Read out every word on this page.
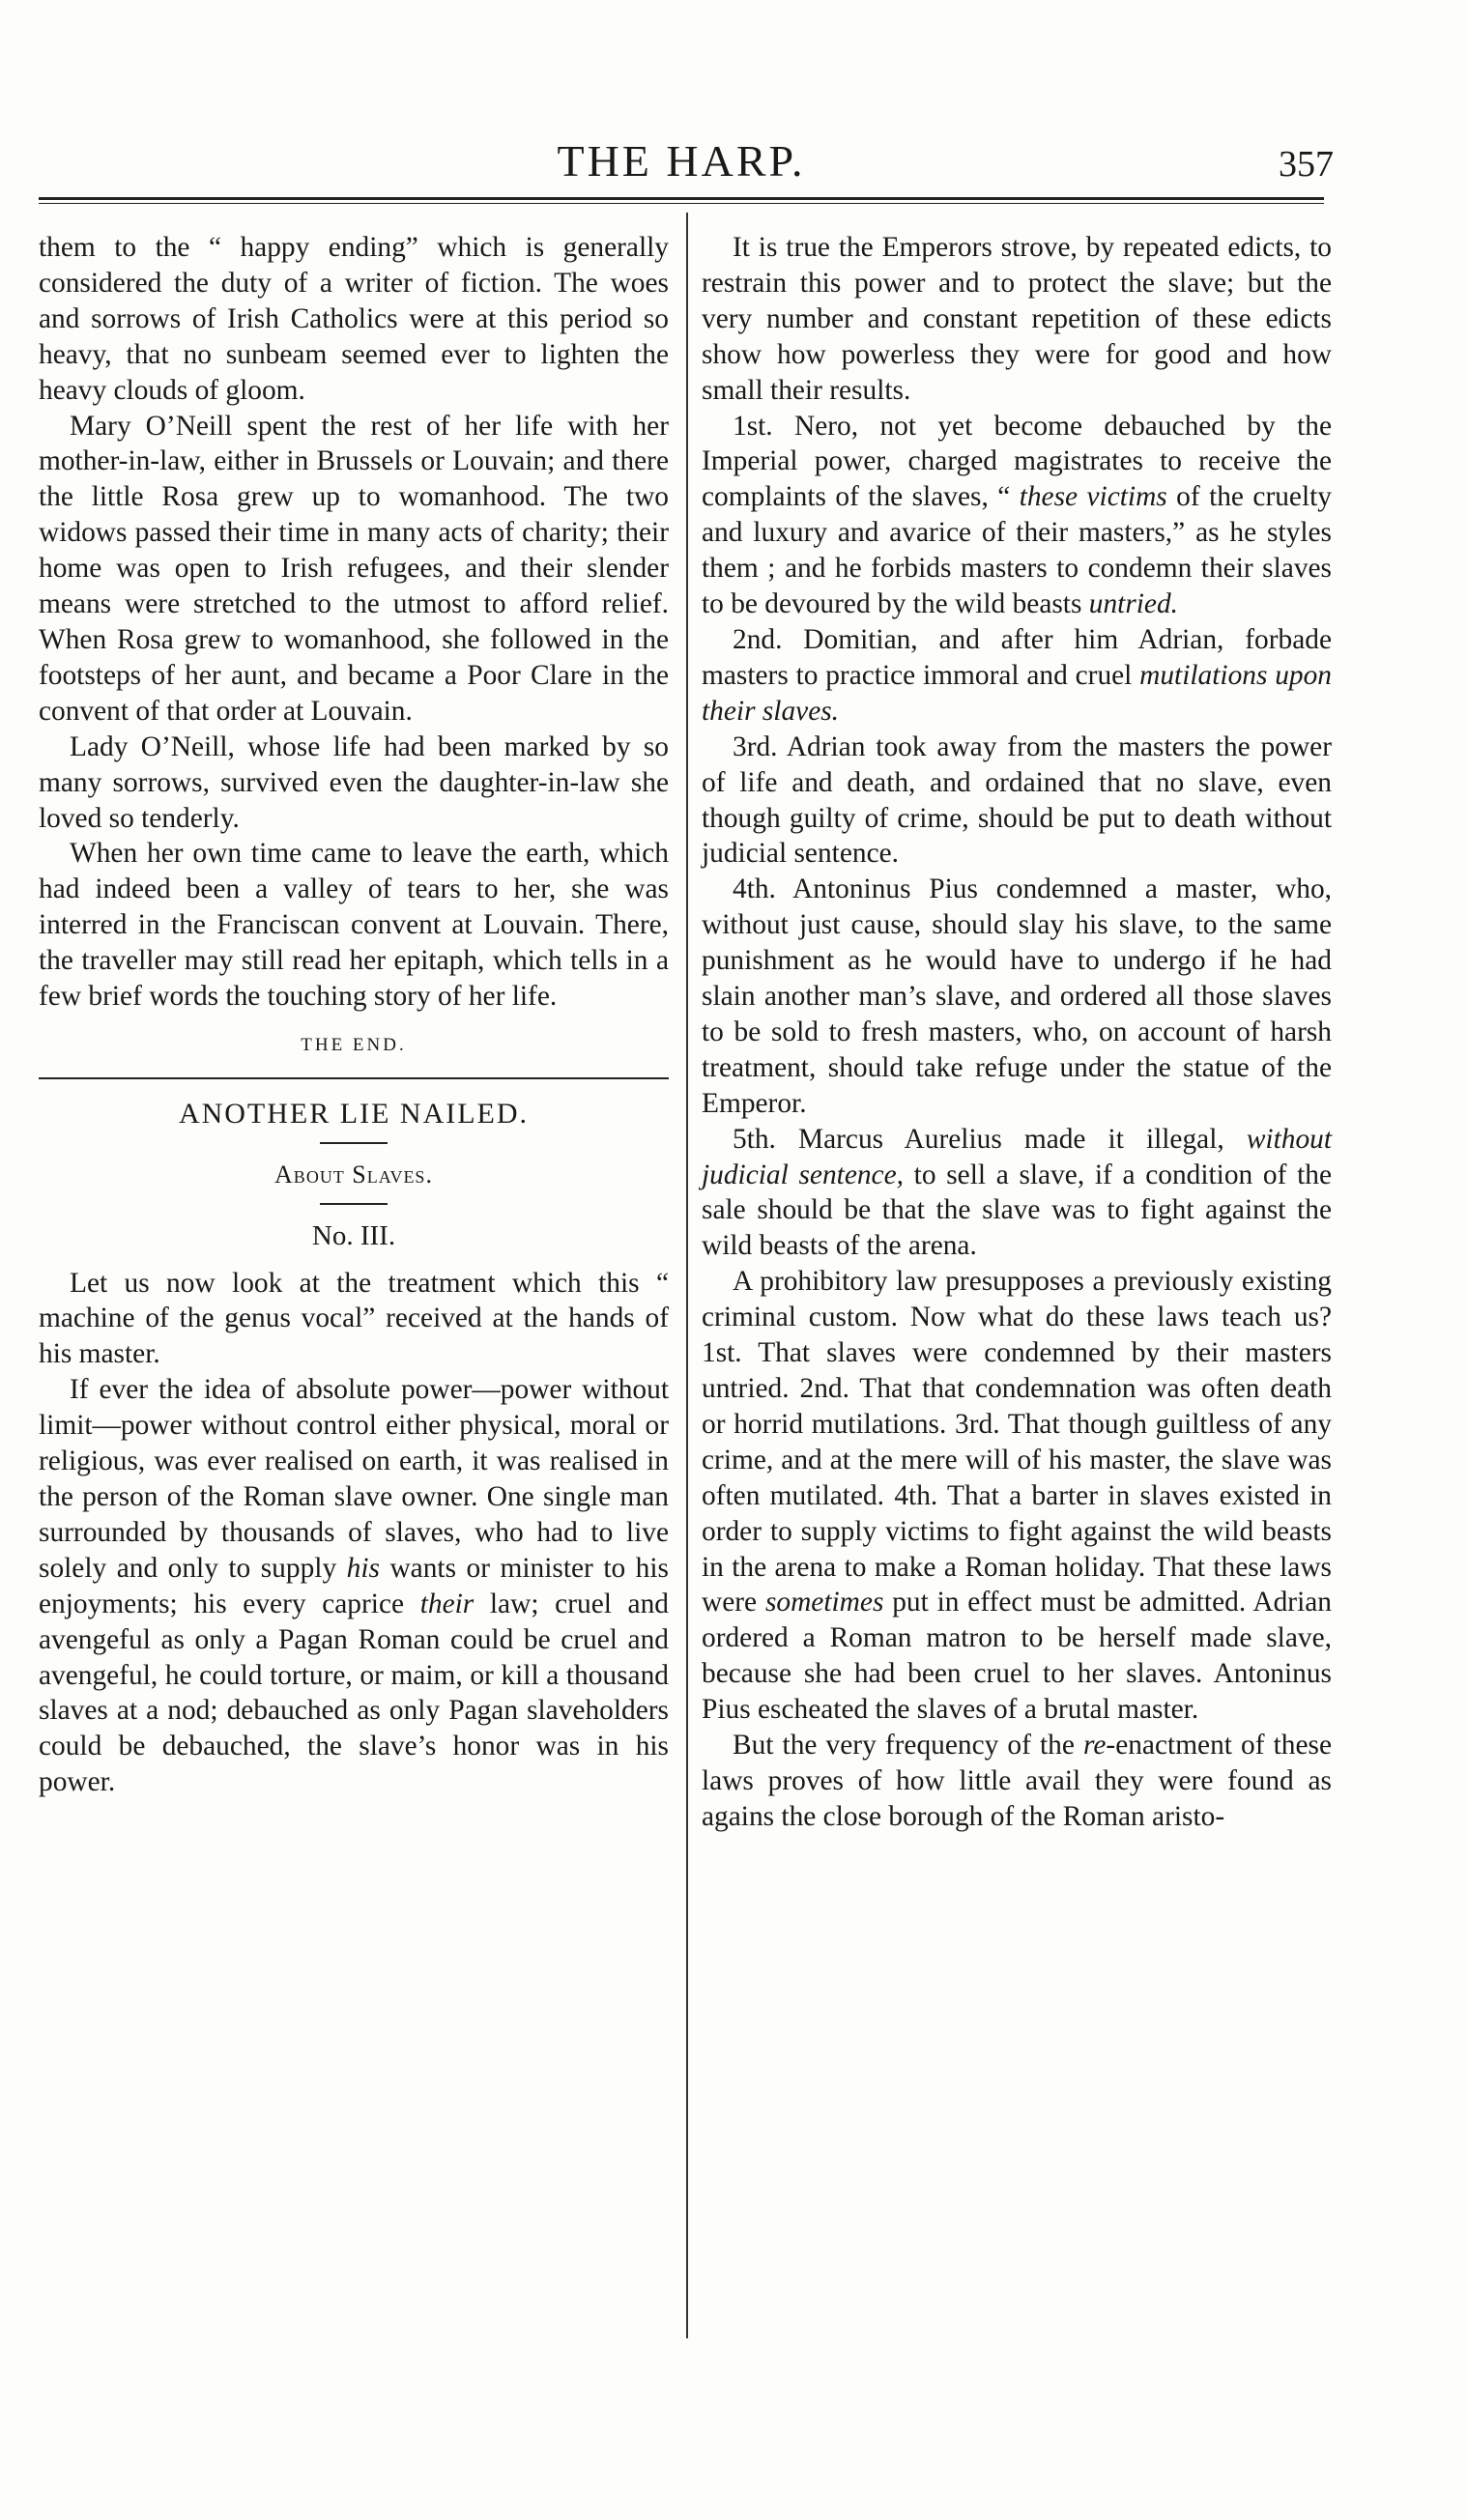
THE HARP.	357

them to the “ happy ending” which is generally considered the duty of a writer of fiction. The woes and sorrows of Irish Catholics were at this period so heavy, that no sunbeam seemed ever to lighten the heavy clouds of gloom.

Mary O’Neill spent the rest of her life with her mother-in-law, either in Brussels or Louvain; and there the little Rosa grew up to womanhood. The two widows passed their time in many acts of charity; their home was open to Irish refugees, and their slender means were stretched to the utmost to afford relief. When Rosa grew to womanhood, she followed in the footsteps of her aunt, and became a Poor Clare in the convent of that order at Louvain.

Lady O’Neill, whose life had been marked by so many sorrows, survived even the daughter-in-law she loved so tenderly.

When her own time came to leave the earth, which had indeed been a valley of tears to her, she was interred in the Franciscan convent at Louvain. There, the traveller may still read her epitaph, which tells in a few brief words the touching story of her life.

THE END.
ANOTHER LIE NAILED.
About Slaves.
No. III.

Let us now look at the treatment which this “ machine of the genus vocal” received at the hands of his master.

If ever the idea of absolute power—power without limit—power without control either physical, moral or religious, was ever realised on earth, it was realised in the person of the Roman slave owner. One single man surrounded by thousands of slaves, who had to live solely and only to supply his wants or minister to his enjoyments; his every caprice their law; cruel and avengeful as only a Pagan Roman could be cruel and avengeful, he could torture, or maim, or kill a thousand slaves at a nod; debauched as only Pagan slaveholders could be debauched, the slave’s honor was in his power.

It is true the Emperors strove, by repeated edicts, to restrain this power and to protect the slave; but the very number and constant repetition of these edicts show how powerless they were for good and how small their results.

1st. Nero, not yet become debauched by the Imperial power, charged magistrates to receive the complaints of the slaves, “ these victims of the cruelty and luxury and avarice of their masters,” as he styles them ; and he forbids masters to condemn their slaves to be devoured by the wild beasts untried.

2nd. Domitian, and after him Adrian, forbade masters to practice immoral and cruel mutilations upon their slaves.

3rd. Adrian took away from the masters the power of life and death, and ordained that no slave, even though guilty of crime, should be put to death without judicial sentence.

4th. Antoninus Pius condemned a master, who, without just cause, should slay his slave, to the same punishment as he would have to undergo if he had slain another man’s slave, and ordered all those slaves to be sold to fresh masters, who, on account of harsh treatment, should take refuge under the statue of the Emperor.

5th. Marcus Aurelius made it illegal, without judicial sentence, to sell a slave, if a condition of the sale should be that the slave was to fight against the wild beasts of the arena.

A prohibitory law presupposes a previously existing criminal custom. Now what do these laws teach us? 1st. That slaves were condemned by their masters untried. 2nd. That that condemnation was often death or horrid mutilations. 3rd. That though guiltless of any crime, and at the mere will of his master, the slave was often mutilated. 4th. That a barter in slaves existed in order to supply victims to fight against the wild beasts in the arena to make a Roman holiday. That these laws were sometimes put in effect must be admitted. Adrian ordered a Roman matron to be herself made slave, because she had been cruel to her slaves. Antoninus Pius escheated the slaves of a brutal master.

But the very frequency of the re-enactment of these laws proves of how little avail they were found as agains the close borough of the Roman aristo-
